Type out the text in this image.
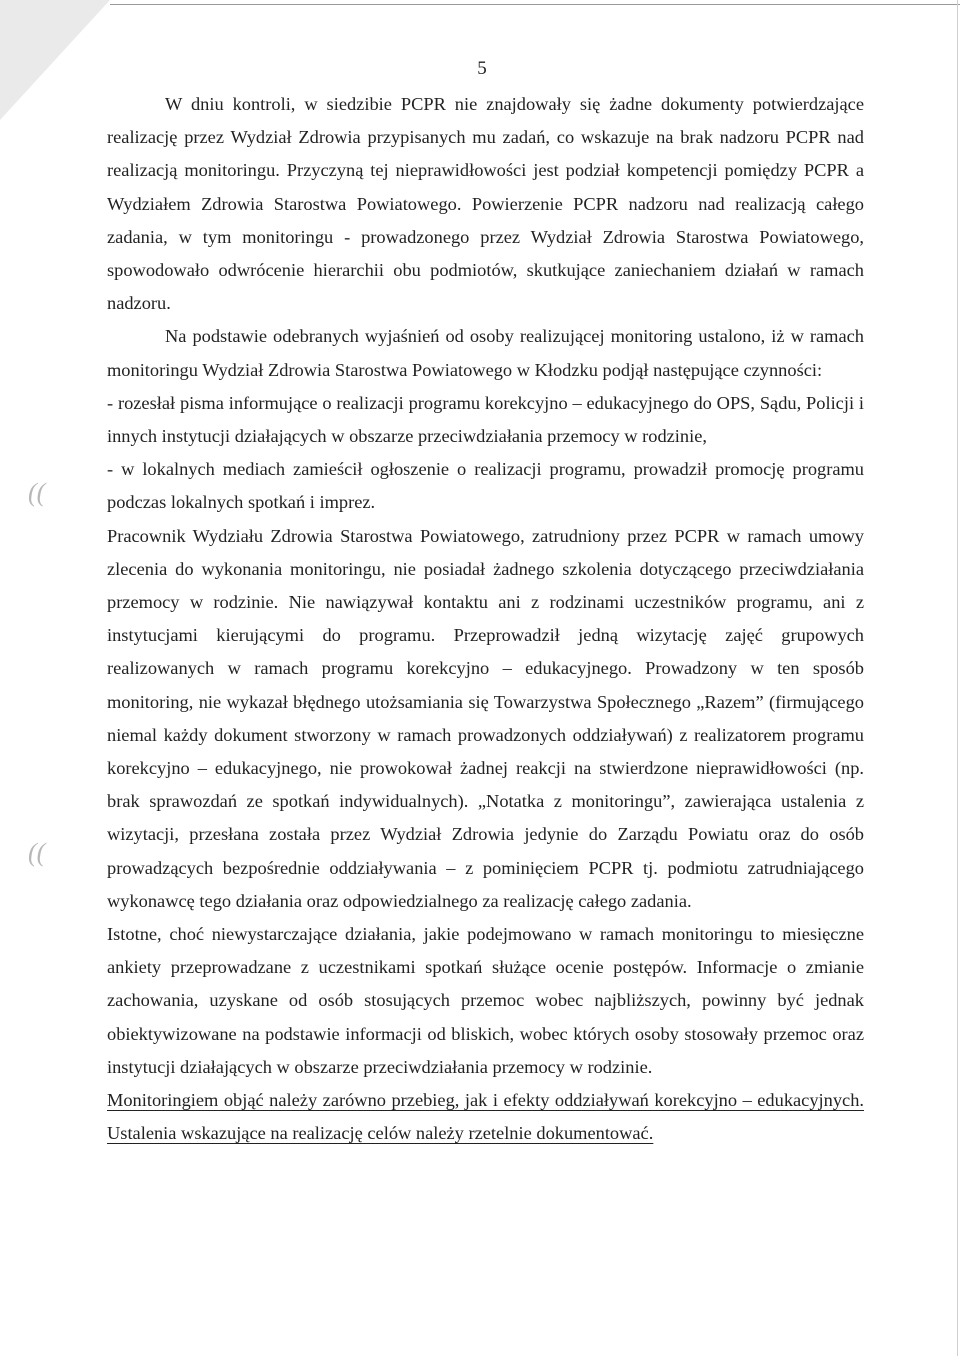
((
((
5

W dniu kontroli, w siedzibie PCPR nie znajdowały się żadne dokumenty potwierdzające realizację przez Wydział Zdrowia przypisanych mu zadań, co wskazuje na brak nadzoru PCPR nad realizacją monitoringu. Przyczyną tej nieprawidłowości jest podział kompetencji pomiędzy PCPR a Wydziałem Zdrowia Starostwa Powiatowego. Powierzenie PCPR nadzoru nad realizacją całego zadania, w tym monitoringu - prowadzonego przez Wydział Zdrowia Starostwa Powiatowego, spowodowało odwrócenie hierarchii obu podmiotów, skutkujące zaniechaniem działań w ramach nadzoru.

Na podstawie odebranych wyjaśnień od osoby realizującej monitoring ustalono, iż w ramach monitoringu Wydział Zdrowia Starostwa Powiatowego w Kłodzku podjął następujące czynności:

- rozesłał pisma informujące o realizacji programu korekcyjno – edukacyjnego do OPS, Sądu, Policji i innych instytucji działających w obszarze przeciwdziałania przemocy w rodzinie,

- w lokalnych mediach zamieścił ogłoszenie o realizacji programu, prowadził promocję programu podczas lokalnych spotkań i imprez.

Pracownik Wydziału Zdrowia Starostwa Powiatowego, zatrudniony przez PCPR w ramach umowy zlecenia do wykonania monitoringu, nie posiadał żadnego szkolenia dotyczącego przeciwdziałania przemocy w rodzinie. Nie nawiązywał kontaktu ani z rodzinami uczestników programu, ani z instytucjami kierującymi do programu. Przeprowadził jedną wizytację zajęć grupowych realizowanych w ramach programu korekcyjno – edukacyjnego. Prowadzony w ten sposób monitoring, nie wykazał błędnego utożsamiania się Towarzystwa Społecznego „Razem” (firmującego niemal każdy dokument stworzony w ramach prowadzonych oddziaływań) z realizatorem programu korekcyjno – edukacyjnego, nie prowokował żadnej reakcji na stwierdzone nieprawidłowości (np. brak sprawozdań ze spotkań indywidualnych). „Notatka z monitoringu”, zawierająca ustalenia z wizytacji, przesłana została przez Wydział Zdrowia jedynie do Zarządu Powiatu oraz do osób prowadzących bezpośrednie oddziaływania – z pominięciem PCPR tj. podmiotu zatrudniającego wykonawcę tego działania oraz odpowiedzialnego za realizację całego zadania.

Istotne, choć niewystarczające działania, jakie podejmowano w ramach monitoringu to miesięczne ankiety przeprowadzane z uczestnikami spotkań służące ocenie postępów. Informacje o zmianie zachowania, uzyskane od osób stosujących przemoc wobec najbliższych, powinny być jednak obiektywizowane na podstawie informacji od bliskich, wobec których osoby stosowały przemoc oraz instytucji działających w obszarze przeciwdziałania przemocy w rodzinie.

Monitoringiem objąć należy zarówno przebieg, jak i efekty oddziaływań korekcyjno – edukacyjnych. Ustalenia wskazujące na realizację celów należy rzetelnie dokumentować.
